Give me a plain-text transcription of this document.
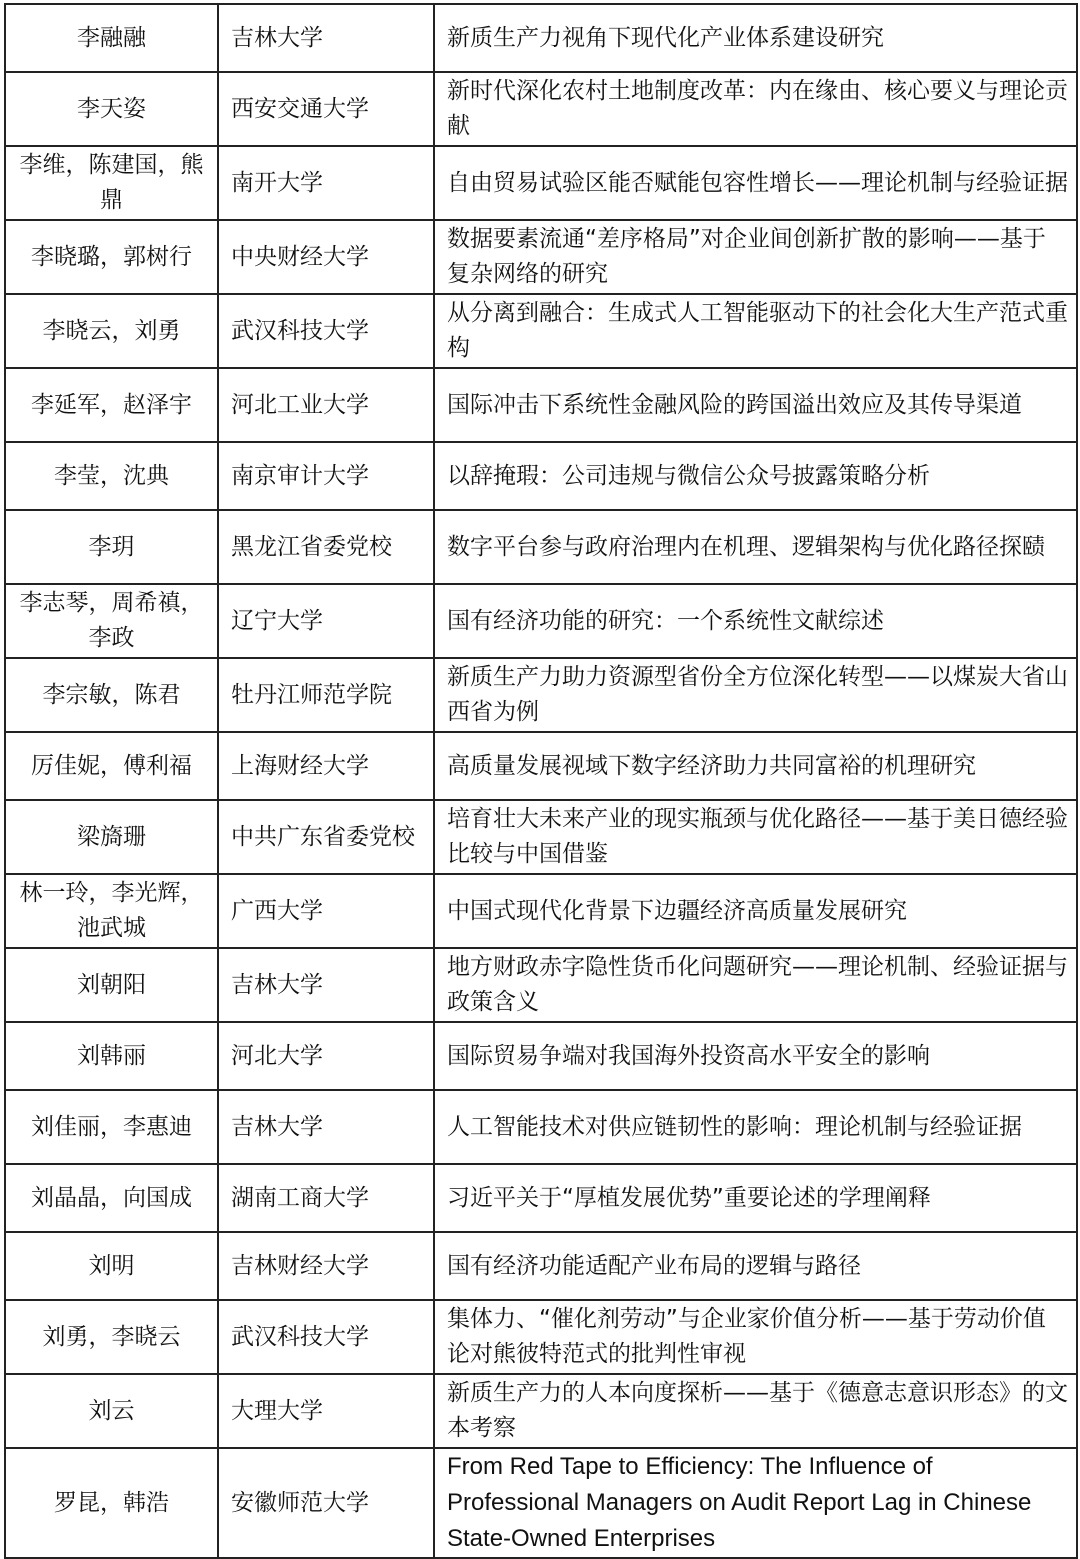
李融融	吉林大学	新质生产力视角下现代化产业体系建设研究
李天姿	西安交通大学	新时代深化农村土地制度改革：内在缘由、核心要义与理论贡献
李维，陈建国，熊鼎	南开大学	自由贸易试验区能否赋能包容性增长——理论机制与经验证据
李晓璐，郭树行	中央财经大学	数据要素流通“差序格局”对企业间创新扩散的影响——基于复杂网络的研究
李晓云，刘勇	武汉科技大学	从分离到融合：生成式人工智能驱动下的社会化大生产范式重构
李延军，赵泽宇	河北工业大学	国际冲击下系统性金融风险的跨国溢出效应及其传导渠道
李莹，沈典	南京审计大学	以辞掩瑕：公司违规与微信公众号披露策略分析
李玥	黑龙江省委党校	数字平台参与政府治理内在机理、逻辑架构与优化路径探赜
李志琴，周希禛，李政	辽宁大学	国有经济功能的研究：一个系统性文献综述
李宗敏，陈君	牡丹江师范学院	新质生产力助力资源型省份全方位深化转型——以煤炭大省山西省为例
厉佳妮，傅利福	上海财经大学	高质量发展视域下数字经济助力共同富裕的机理研究
梁旖珊	中共广东省委党校	培育壮大未来产业的现实瓶颈与优化路径——基于美日德经验比较与中国借鉴
林一玲，李光辉，池武城	广西大学	中国式现代化背景下边疆经济高质量发展研究
刘朝阳	吉林大学	地方财政赤字隐性货币化问题研究——理论机制、经验证据与政策含义
刘韩丽	河北大学	国际贸易争端对我国海外投资高水平安全的影响
刘佳丽，李惠迪	吉林大学	人工智能技术对供应链韧性的影响：理论机制与经验证据
刘晶晶，向国成	湖南工商大学	习近平关于“厚植发展优势”重要论述的学理阐释
刘明	吉林财经大学	国有经济功能适配产业布局的逻辑与路径
刘勇，李晓云	武汉科技大学	集体力、“催化剂劳动”与企业家价值分析——基于劳动价值论对熊彼特范式的批判性审视
刘云	大理大学	新质生产力的人本向度探析——基于《德意志意识形态》的文本考察
罗昆，韩浩	安徽师范大学	From Red Tape to Efficiency: The Influence of Professional Managers on Audit Report Lag in Chinese State-Owned Enterprises
